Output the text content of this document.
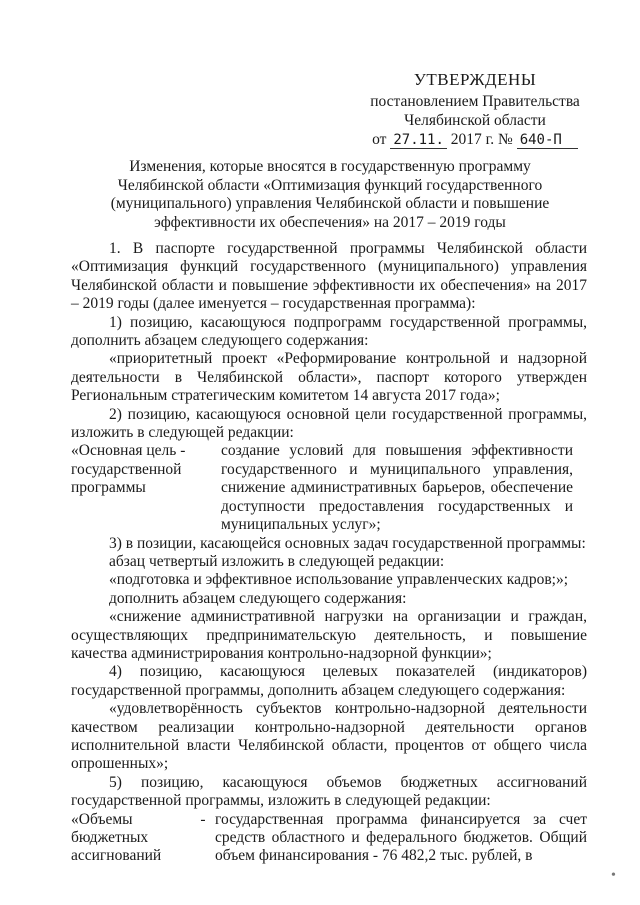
УТВЕРЖДЕНЫ
постановлением Правительства
Челябинской области
от 27.11. 2017 г. № 640-П
Изменения, которые вносятся в государственную программу
Челябинской области «Оптимизация функций государственного
(муниципального) управления Челябинской области и повышение
эффективности их обеспечения» на 2017 – 2019 годы

1. В паспорте государственной программы Челябинской области «Оптимизация функций государственного (муниципального) управления Челябинской области и повышение эффективности их обеспечения» на 2017 – 2019 годы (далее именуется – государственная программа):

1) позицию, касающуюся подпрограмм государственной программы, дополнить абзацем следующего содержания:

«приоритетный проект «Реформирование контрольной и надзорной деятельности в Челябинской области», паспорт которого утвержден Региональным стратегическим комитетом 14 августа 2017 года»;

2) позицию, касающуюся основной цели государственной программы, изложить в следующей редакции:

«Основная цель - государственной программы
создание условий для повышения эффективности государственного и муниципального управления, снижение административных барьеров, обеспечение доступности предоставления государственных и муниципальных услуг»;

3) в позиции, касающейся основных задач государственной программы:

абзац четвертый изложить в следующей редакции:

«подготовка и эффективное использование управленческих кадров;»;

дополнить абзацем следующего содержания:

«снижение административной нагрузки на организации и граждан, осуществляющих предпринимательскую деятельность, и повышение качества администрирования контрольно-надзорной функции»;

4) позицию, касающуюся целевых показателей (индикаторов) государственной программы, дополнить абзацем следующего содержания:

«удовлетворённость субъектов контрольно-надзорной деятельности качеством реализации контрольно-надзорной деятельности органов исполнительной власти Челябинской области, процентов от общего числа опрошенных»;

5) позицию, касающуюся объемов бюджетных ассигнований государственной программы, изложить в следующей редакции:

«Объемы бюджетных ассигнований
- государственная программа финансируется за счет средств областного и федерального бюджетов. Общий объем финансирования - 76 482,2 тыс. рублей, в
•
